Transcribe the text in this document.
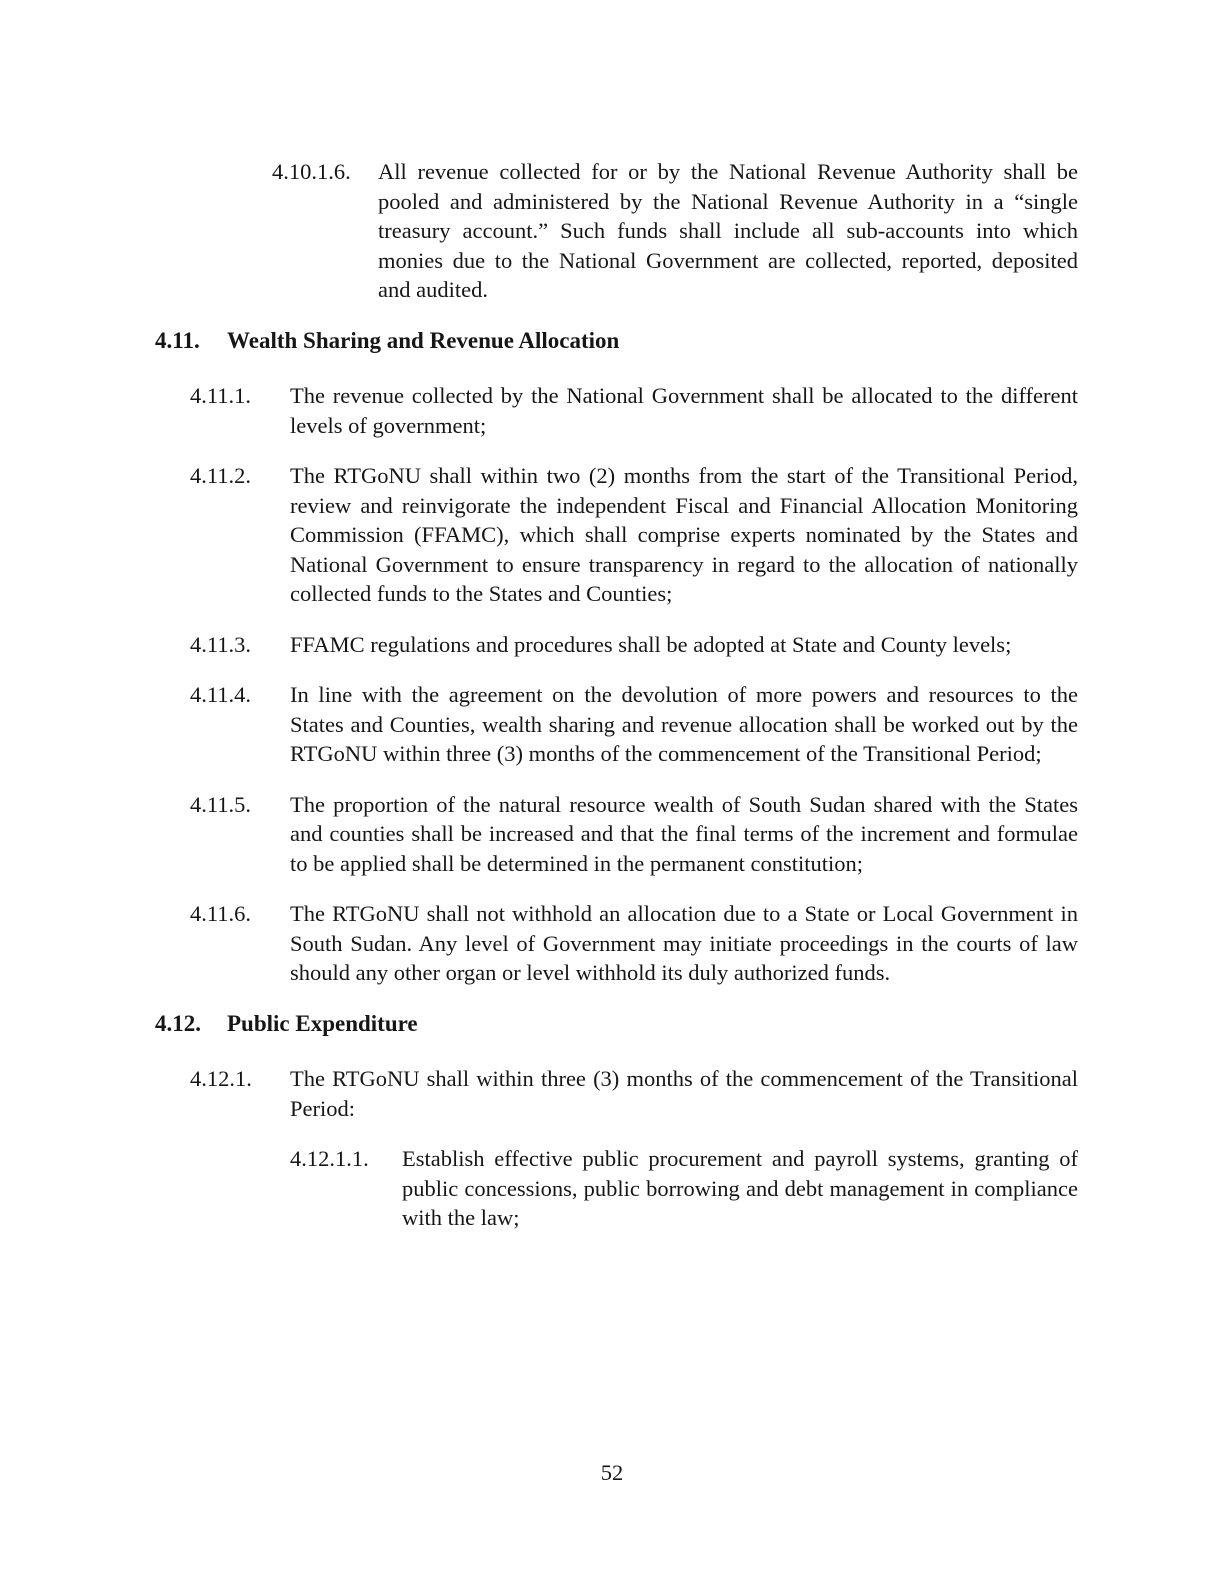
4.10.1.6.	All revenue collected for or by the National Revenue Authority shall be pooled and administered by the National Revenue Authority in a “single treasury account.” Such funds shall include all sub-accounts into which monies due to the National Government are collected, reported, deposited and audited.
4.11.	Wealth Sharing and Revenue Allocation
4.11.1.	The revenue collected by the National Government shall be allocated to the different levels of government;
4.11.2.	The RTGoNU shall within two (2) months from the start of the Transitional Period, review and reinvigorate the independent Fiscal and Financial Allocation Monitoring Commission (FFAMC), which shall comprise experts nominated by the States and National Government to ensure transparency in regard to the allocation of nationally collected funds to the States and Counties;
4.11.3.	FFAMC regulations and procedures shall be adopted at State and County levels;
4.11.4.	In line with the agreement on the devolution of more powers and resources to the States and Counties, wealth sharing and revenue allocation shall be worked out by the RTGoNU within three (3) months of the commencement of the Transitional Period;
4.11.5.	The proportion of the natural resource wealth of South Sudan shared with the States and counties shall be increased and that the final terms of the increment and formulae to be applied shall be determined in the permanent constitution;
4.11.6.	The RTGoNU shall not withhold an allocation due to a State or Local Government in South Sudan. Any level of Government may initiate proceedings in the courts of law should any other organ or level withhold its duly authorized funds.
4.12.	Public Expenditure
4.12.1.	The RTGoNU shall within three (3) months of the commencement of the Transitional Period:
4.12.1.1.	Establish effective public procurement and payroll systems, granting of public concessions, public borrowing and debt management in compliance with the law;
52
